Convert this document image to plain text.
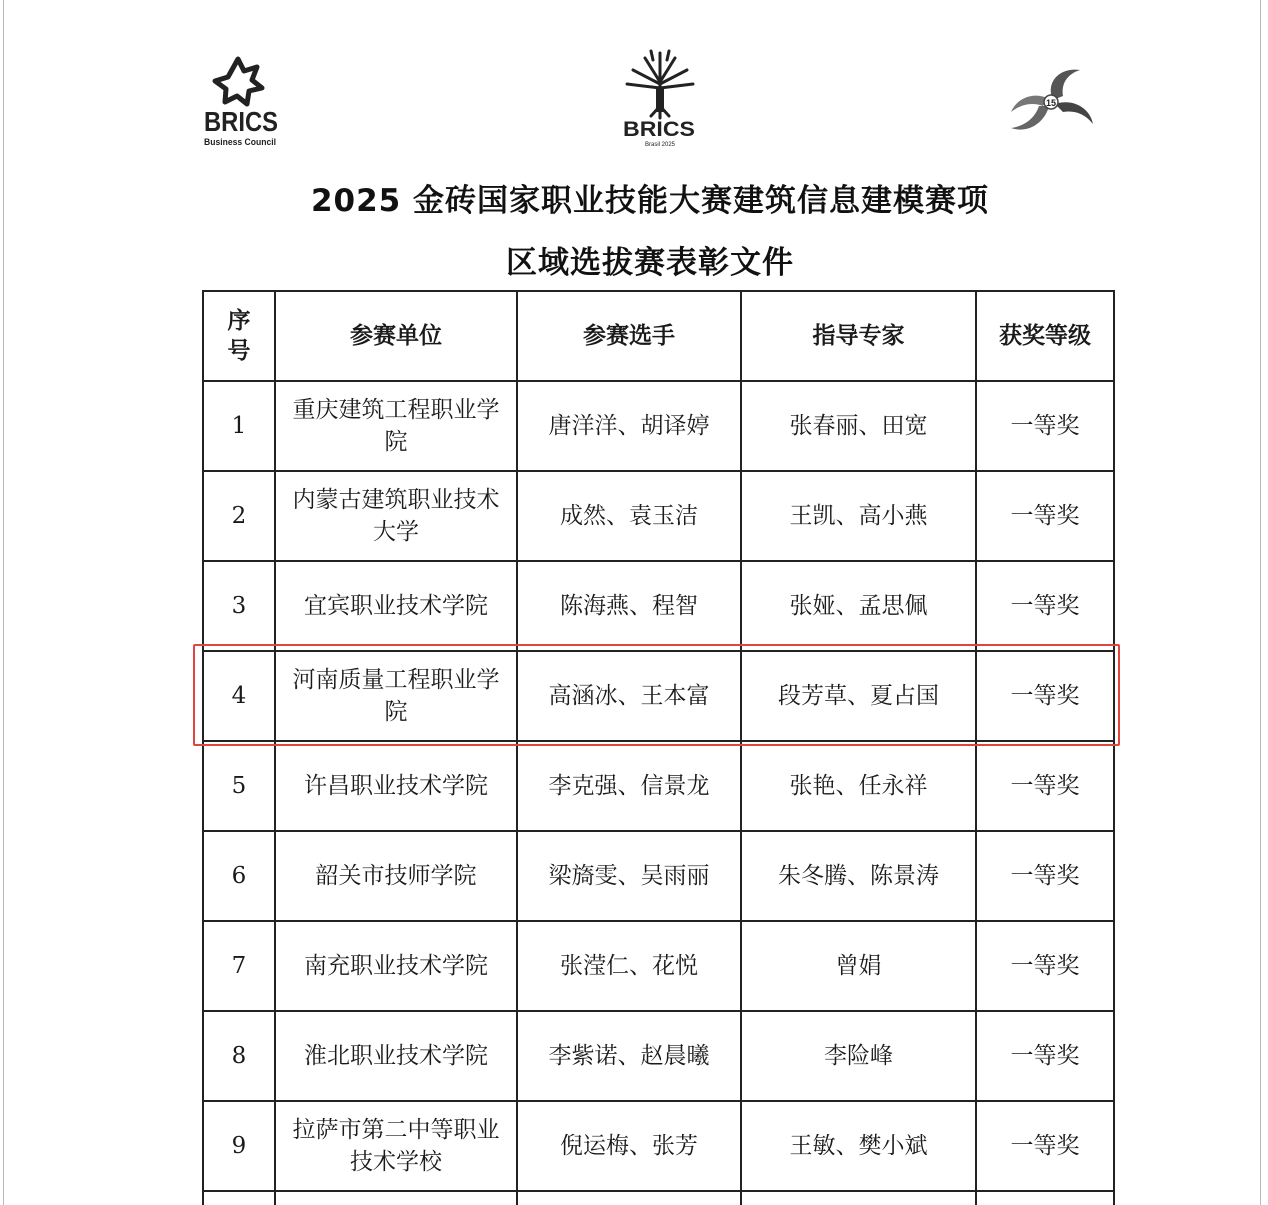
BRICS
Business Council
BRICS
Brasil 2025
15
2025 金砖国家职业技能大赛建筑信息建模赛项
区域选拔赛表彰文件
序号	参赛单位	参赛选手	指导专家	获奖等级
1	重庆建筑工程职业学院	唐洋洋、胡译婷	张春丽、田宽	一等奖
2	内蒙古建筑职业技术大学	成然、袁玉洁	王凯、高小燕	一等奖
3	宜宾职业技术学院	陈海燕、程智	张娅、孟思佩	一等奖
4	河南质量工程职业学院	高涵冰、王本富	段芳草、夏占国	一等奖
5	许昌职业技术学院	李克强、信景龙	张艳、任永祥	一等奖
6	韶关市技师学院	梁旖雯、吴雨丽	朱冬腾、陈景涛	一等奖
7	南充职业技术学院	张滢仁、花悦	曾娟	一等奖
8	淮北职业技术学院	李紫诺、赵晨曦	李险峰	一等奖
9	拉萨市第二中等职业技术学校	倪运梅、张芳	王敏、樊小斌	一等奖
